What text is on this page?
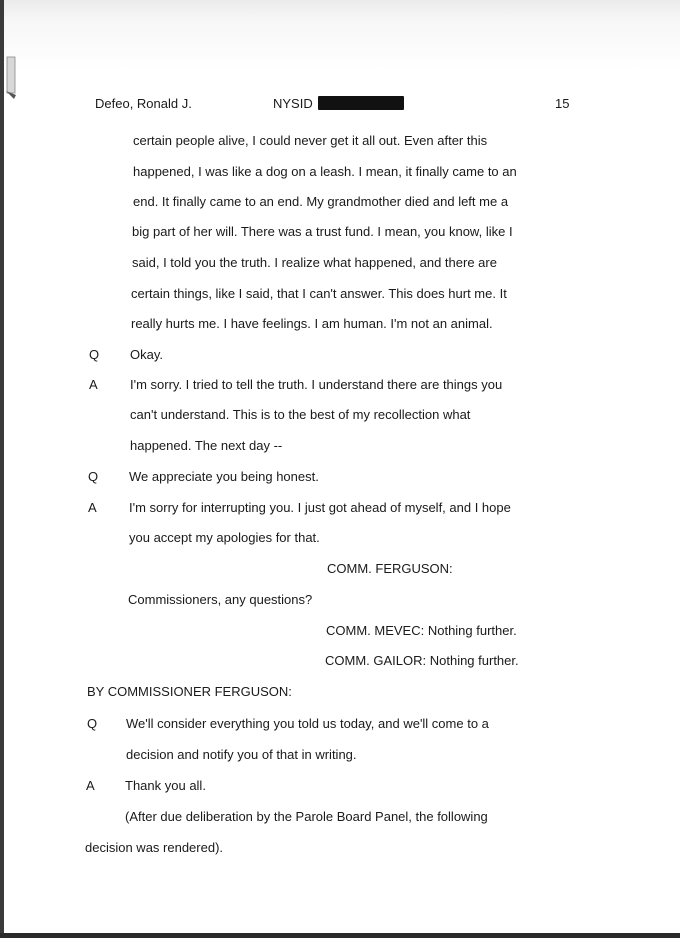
Defeo, Ronald J.	NYSID	15
certain people alive, I could never get it all out. Even after this
happened, I was like a dog on a leash. I mean, it finally came to an
end. It finally came to an end. My grandmother died and left me a
big part of her will. There was a trust fund. I mean, you know, like I
said, I told you the truth. I realize what happened, and there are
certain things, like I said, that I can't answer. This does hurt me. It
really hurts me. I have feelings. I am human. I'm not an animal.
Q Okay.
A I'm sorry. I tried to tell the truth. I understand there are things you
can't understand. This is to the best of my recollection what
happened. The next day --
Q We appreciate you being honest.
A I'm sorry for interrupting you. I just got ahead of myself, and I hope
you accept my apologies for that.
COMM. FERGUSON:
Commissioners, any questions?
COMM. MEVEC: Nothing further.
COMM. GAILOR: Nothing further.
BY COMMISSIONER FERGUSON:
Q We'll consider everything you told us today, and we'll come to a
decision and notify you of that in writing.
A Thank you all.
(After due deliberation by the Parole Board Panel, the following
decision was rendered).
